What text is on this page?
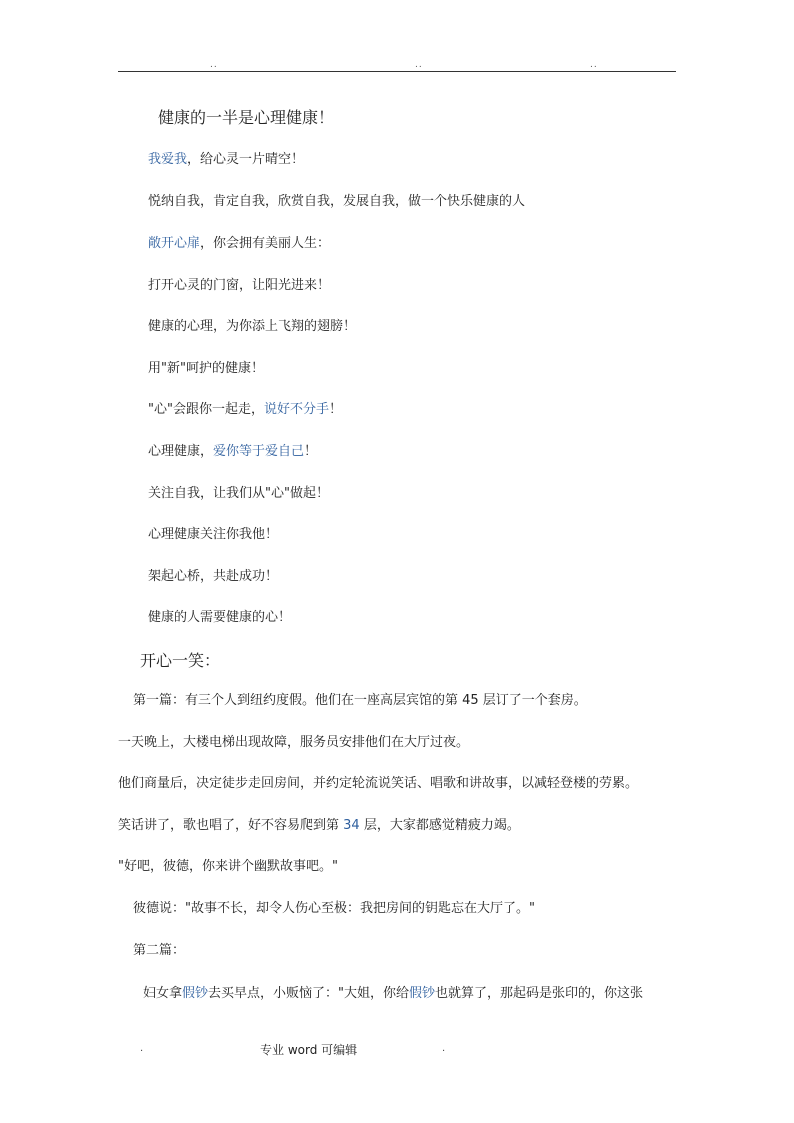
..	..	..
健康的一半是心理健康！
我爱我，给心灵一片晴空！
悦纳自我，肯定自我，欣赏自我，发展自我，做一个快乐健康的人
敞开心扉，你会拥有美丽人生：
打开心灵的门窗，让阳光进来！
健康的心理，为你添上飞翔的翅膀！
用"新"呵护的健康！
"心"会跟你一起走，说好不分手！
心理健康，爱你等于爱自己！
关注自我，让我们从"心"做起！
心理健康关注你我他！
架起心桥，共赴成功！
健康的人需要健康的心！
开心一笑：
第一篇：有三个人到纽约度假。他们在一座高层宾馆的第 45 层订了一个套房。
一天晚上，大楼电梯出现故障，服务员安排他们在大厅过夜。
他们商量后，决定徒步走回房间，并约定轮流说笑话、唱歌和讲故事，以减轻登楼的劳累。
笑话讲了，歌也唱了，好不容易爬到第 34 层，大家都感觉精疲力竭。
"好吧，彼德，你来讲个幽默故事吧。"
彼德说："故事不长，却令人伤心至极：我把房间的钥匙忘在大厅了。"
第二篇：
妇女拿假钞去买早点，小贩恼了："大姐，你给假钞也就算了，那起码是张印的，你这张
.	专业 word 可编辑	.
